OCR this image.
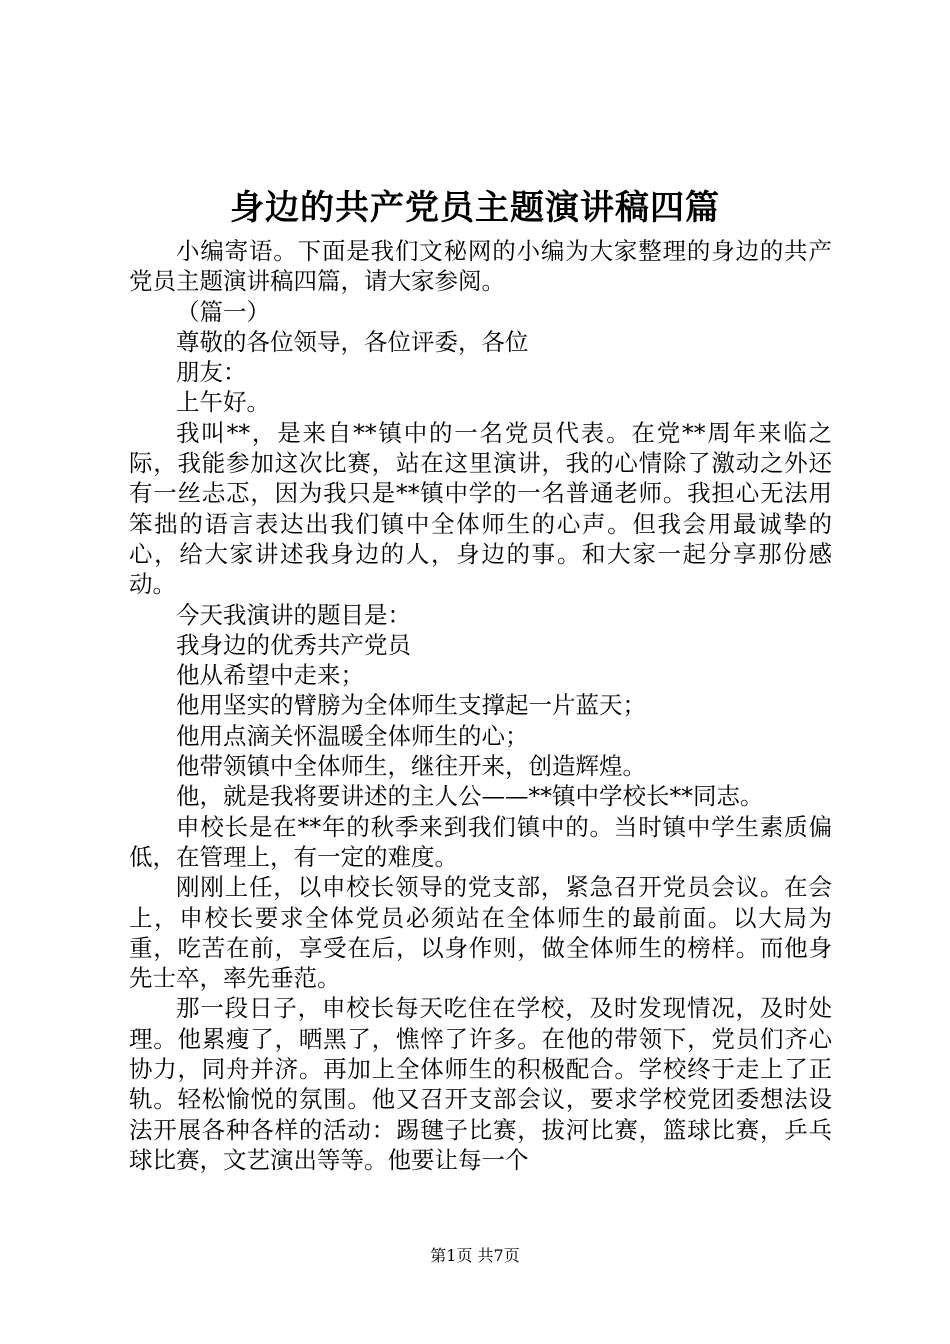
身边的共产党员主题演讲稿四篇

小编寄语。下面是我们文秘网的小编为大家整理的身边的共产党员主题演讲稿四篇，请大家参阅。

（篇一）

尊敬的各位领导，各位评委，各位

朋友：

上午好。

我叫**，是来自**镇中的一名党员代表。在党**周年来临之际，我能参加这次比赛，站在这里演讲，我的心情除了激动之外还有一丝忐忑，因为我只是**镇中学的一名普通老师。我担心无法用笨拙的语言表达出我们镇中全体师生的心声。但我会用最诚挚的心，给大家讲述我身边的人，身边的事。和大家一起分享那份感动。

今天我演讲的题目是：

我身边的优秀共产党员

他从希望中走来；

他用坚实的臂膀为全体师生支撑起一片蓝天；

他用点滴关怀温暖全体师生的心；

他带领镇中全体师生，继往开来，创造辉煌。

他，就是我将要讲述的主人公——**镇中学校长**同志。

申校长是在**年的秋季来到我们镇中的。当时镇中学生素质偏低，在管理上，有一定的难度。

刚刚上任，以申校长领导的党支部，紧急召开党员会议。在会上，申校长要求全体党员必须站在全体师生的最前面。以大局为重，吃苦在前，享受在后，以身作则，做全体师生的榜样。而他身先士卒，率先垂范。

那一段日子，申校长每天吃住在学校，及时发现情况，及时处理。他累瘦了，晒黑了，憔悴了许多。在他的带领下，党员们齐心协力，同舟并济。再加上全体师生的积极配合。学校终于走上了正轨。轻松愉悦的氛围。他又召开支部会议，要求学校党团委想法设法开展各种各样的活动：踢毽子比赛，拔河比赛，篮球比赛，乒乓球比赛，文艺演出等等。他要让每一个

第1页 共7页
